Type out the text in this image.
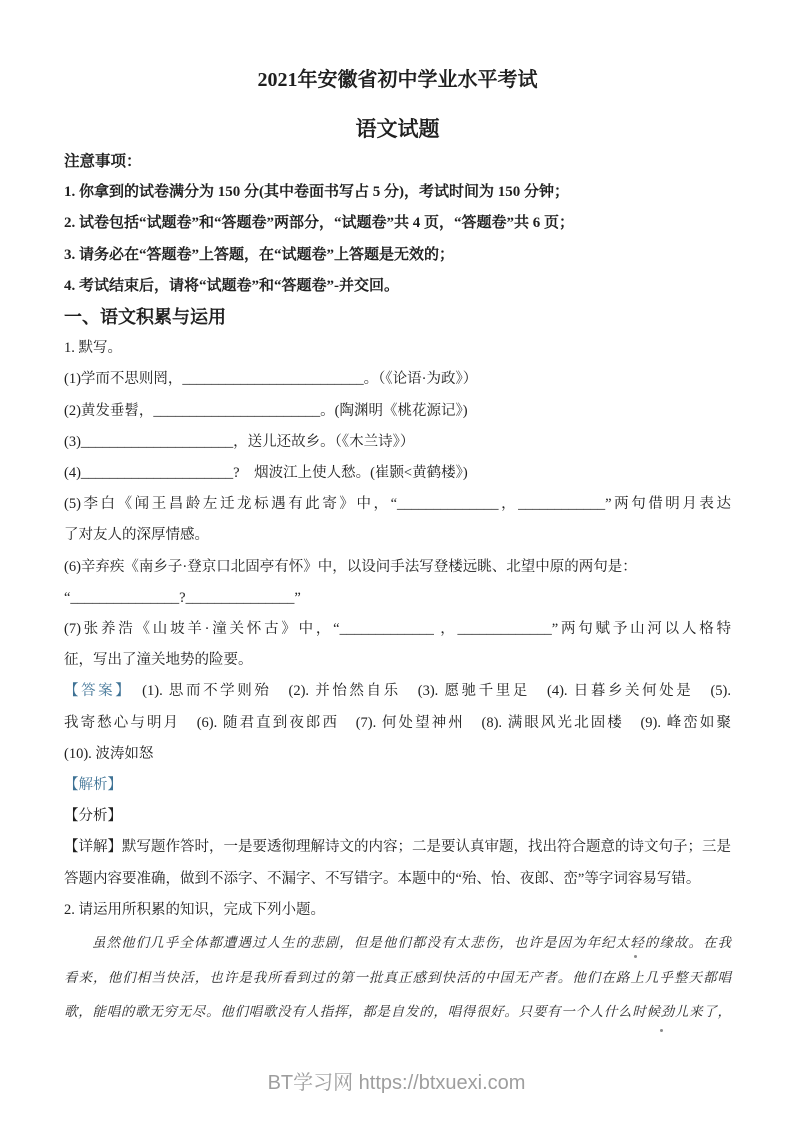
2021年安徽省初中学业水平考试
语文试题
注意事项：
1. 你拿到的试卷满分为 150 分(其中卷面书写占 5 分)，考试时间为 150 分钟；
2. 试卷包括“试题卷”和“答题卷”两部分，“试题卷”共 4 页，“答题卷”共 6 页；
3. 请务必在“答题卷”上答题，在“试题卷”上答题是无效的；
4. 考试结束后，请将“试题卷”和“答题卷”-并交回。
一、语文积累与运用
1. 默写。
(1)学而不思则罔，_________________________。（《论语·为政》）
(2)黄发垂髫，_______________________。(陶渊明《桃花源记》)
(3)_____________________，送儿还故乡。（《木兰诗》）
(4)_____________________?　烟波江上使人愁。(崔颢<黄鹤楼》)
(5)李白《闻王昌龄左迁龙标遇有此寄》中，“______________，____________”两句借明月表达
了对友人的深厚情感。
(6)辛弃疾《南乡子·登京口北固亭有怀》中，以设问手法写登楼远眺、北望中原的两句是：
“_______________?_______________”
(7)张养浩《山坡羊·潼关怀古》中，“_____________ ，_____________”两句赋予山河以人格特
征，写出了潼关地势的险要。
【答案】　(1). 思而不学则殆　(2). 并怡然自乐　(3). 愿驰千里足　(4). 日暮乡关何处是　(5).
我寄愁心与明月　(6). 随君直到夜郎西　(7). 何处望神州　(8). 满眼风光北固楼　(9). 峰峦如聚
(10). 波涛如怒
【解析】
【分析】
【详解】默写题作答时，一是要透彻理解诗文的内容；二是要认真审题，找出符合题意的诗文句子；三是
答题内容要准确，做到不添字、不漏字、不写错字。本题中的“殆、怡、夜郎、峦”等字词容易写错。
2. 请运用所积累的知识，完成下列小题。
虽然他们几乎全体都遭遇过人生的悲剧，但是他们都没有太悲伤，也许是因为年纪太轻的缘故。在我
看来，他们相当快活，也许是我所看到过的第一批真正感到快活的中国无产者。他们在路上几乎整天都唱
歌，能唱的歌无穷无尽。他们唱歌没有人指挥，都是自发的，唱得很好。只要有一个人什么时候劲儿来了，
BT学习网 https://btxuexi.com
